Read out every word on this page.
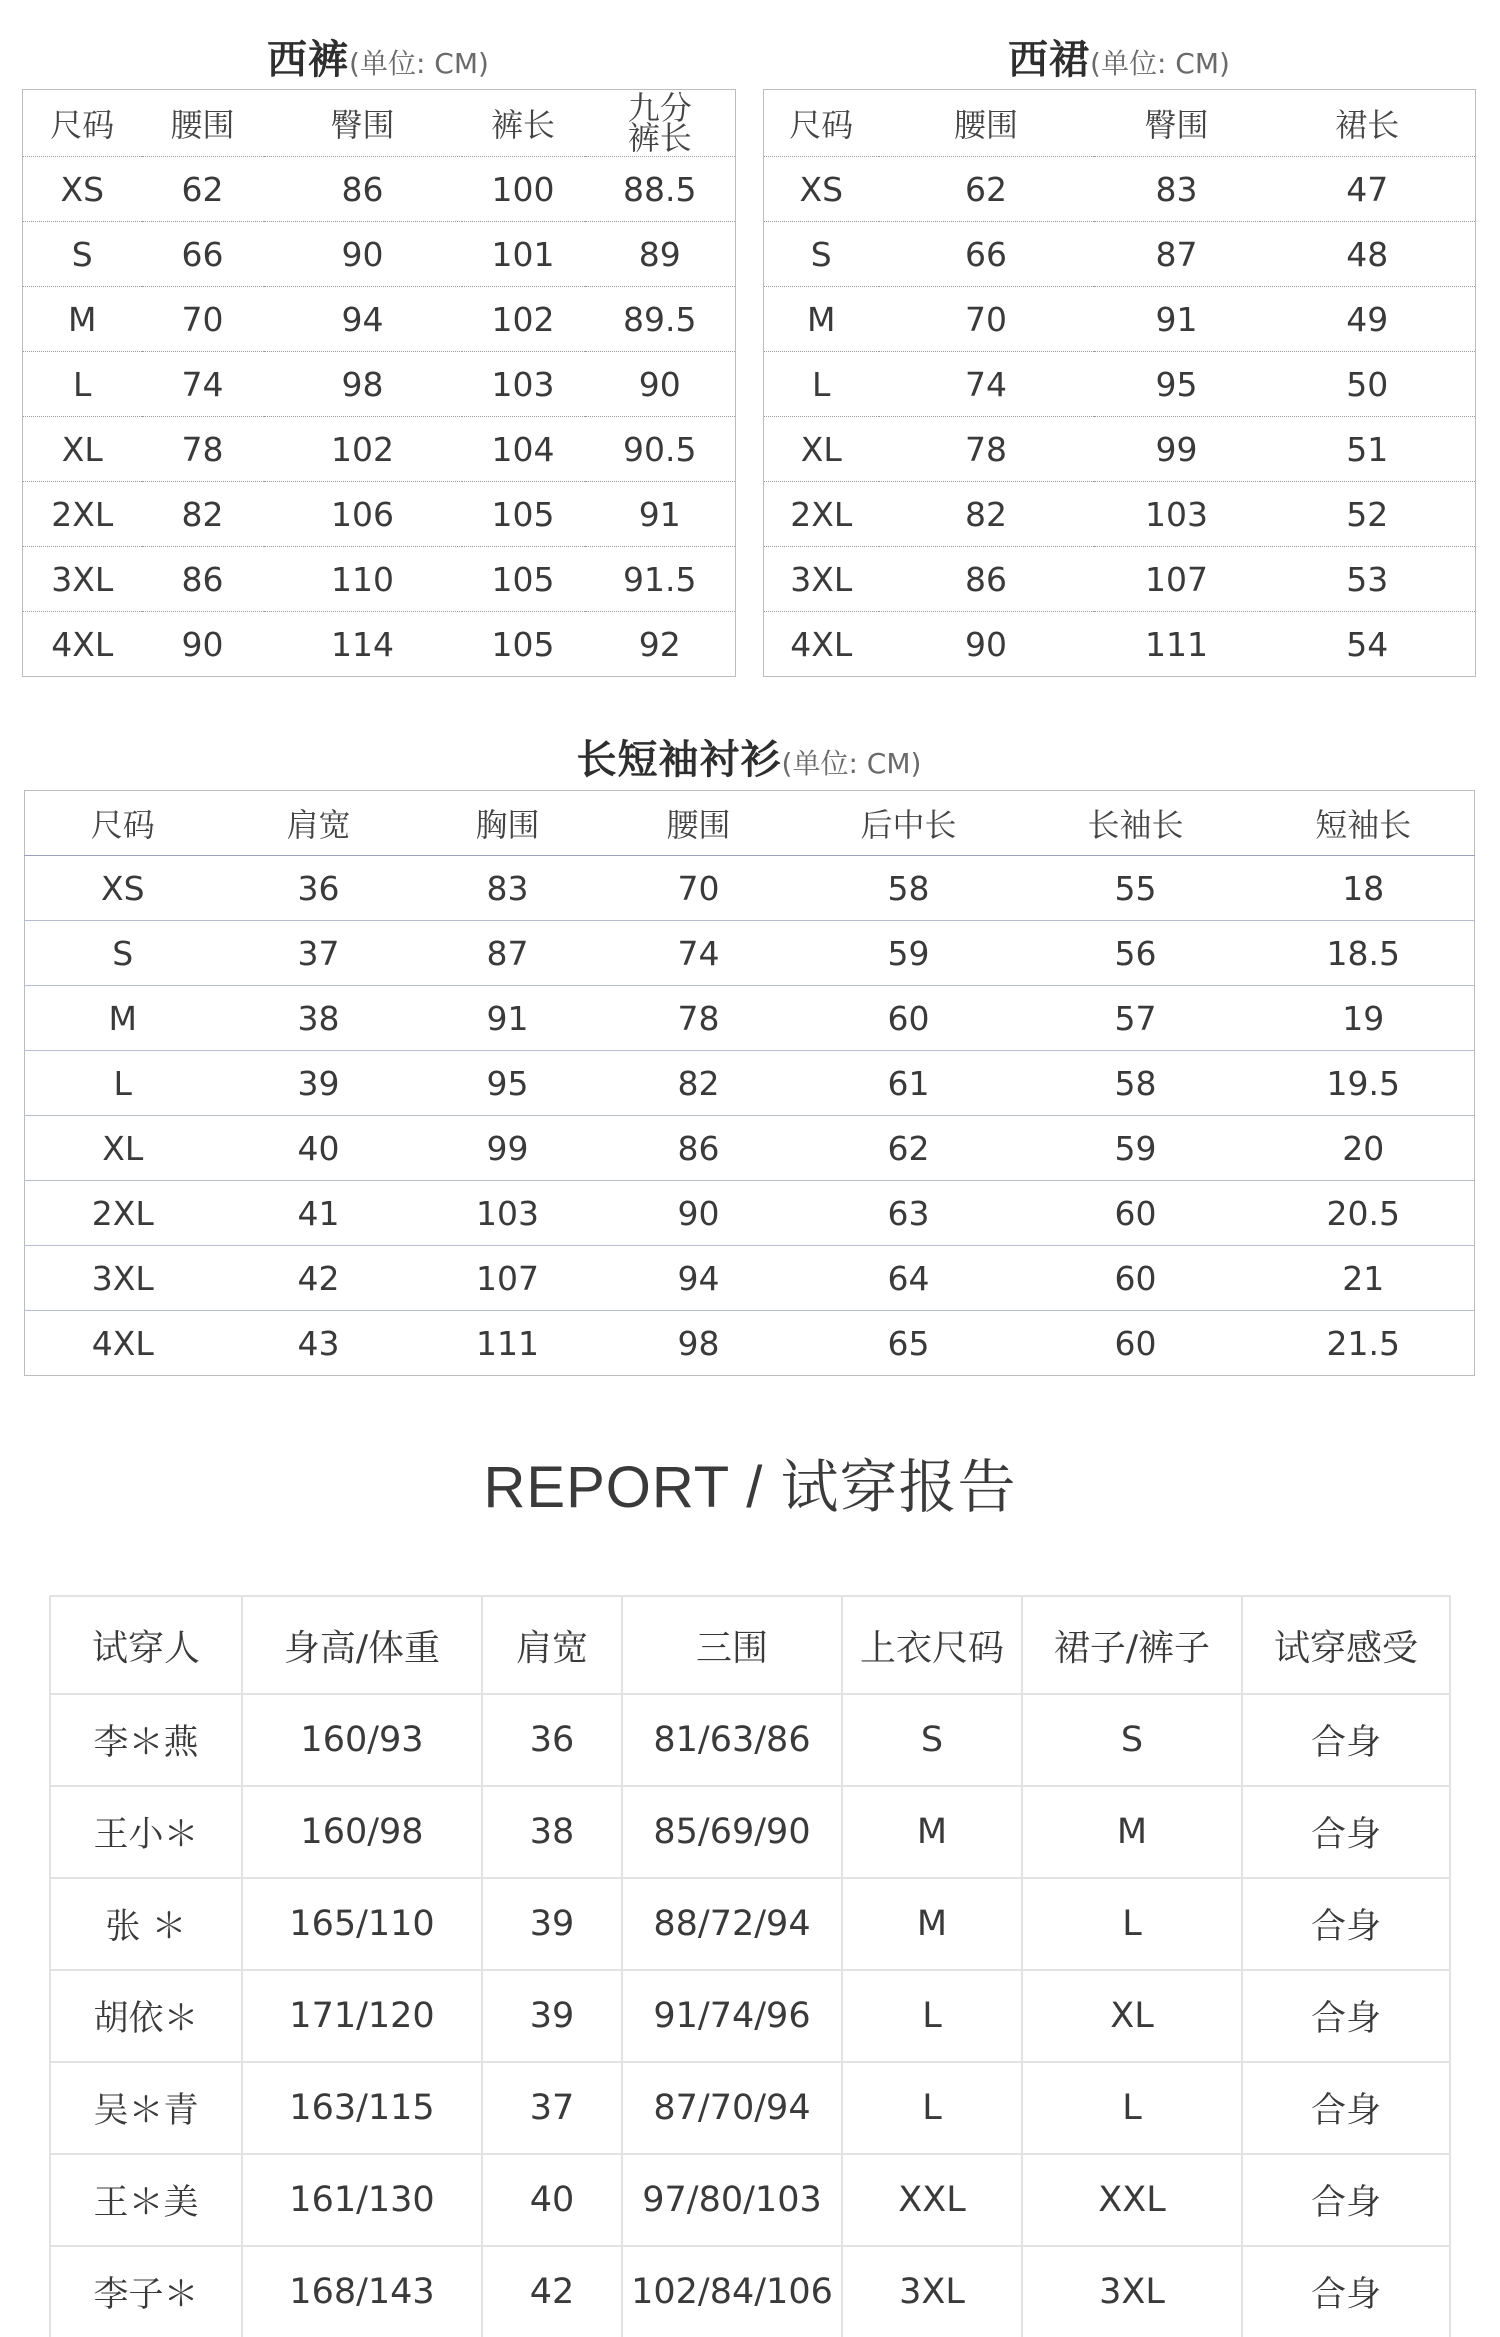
西裤(单位: CM)
尺码	腰围	臀围	裤长	九分
裤长

XS	62	86	100	88.5
S	66	90	101	89
M	70	94	102	89.5
L	74	98	103	90
XL	78	102	104	90.5
2XL	82	106	105	91
3XL	86	110	105	91.5
4XL	90	114	105	92
西裙(单位: CM)
尺码	腰围	臀围	裙长
XS	62	83	47
S	66	87	48
M	70	91	49
L	74	95	50
XL	78	99	51
2XL	82	103	52
3XL	86	107	53
4XL	90	111	54
长短袖衬衫(单位: CM)
尺码	肩宽	胸围	腰围	后中长	长袖长	短袖长
XS	36	83	70	58	55	18
S	37	87	74	59	56	18.5
M	38	91	78	60	57	19
L	39	95	82	61	58	19.5
XL	40	99	86	62	59	20
2XL	41	103	90	63	60	20.5
3XL	42	107	94	64	60	21
4XL	43	111	98	65	60	21.5
REPORT / 试穿报告
试穿人	身高/体重	肩宽	三围	上衣尺码	裙子/裤子	试穿感受
李＊燕	160/93	36	81/63/86	S	S	合身
王小＊	160/98	38	85/69/90	M	M	合身
张 ＊	165/110	39	88/72/94	M	L	合身
胡依＊	171/120	39	91/74/96	L	XL	合身
吴＊青	163/115	37	87/70/94	L	L	合身
王＊美	161/130	40	97/80/103	XXL	XXL	合身
李子＊	168/143	42	102/84/106	3XL	3XL	合身
